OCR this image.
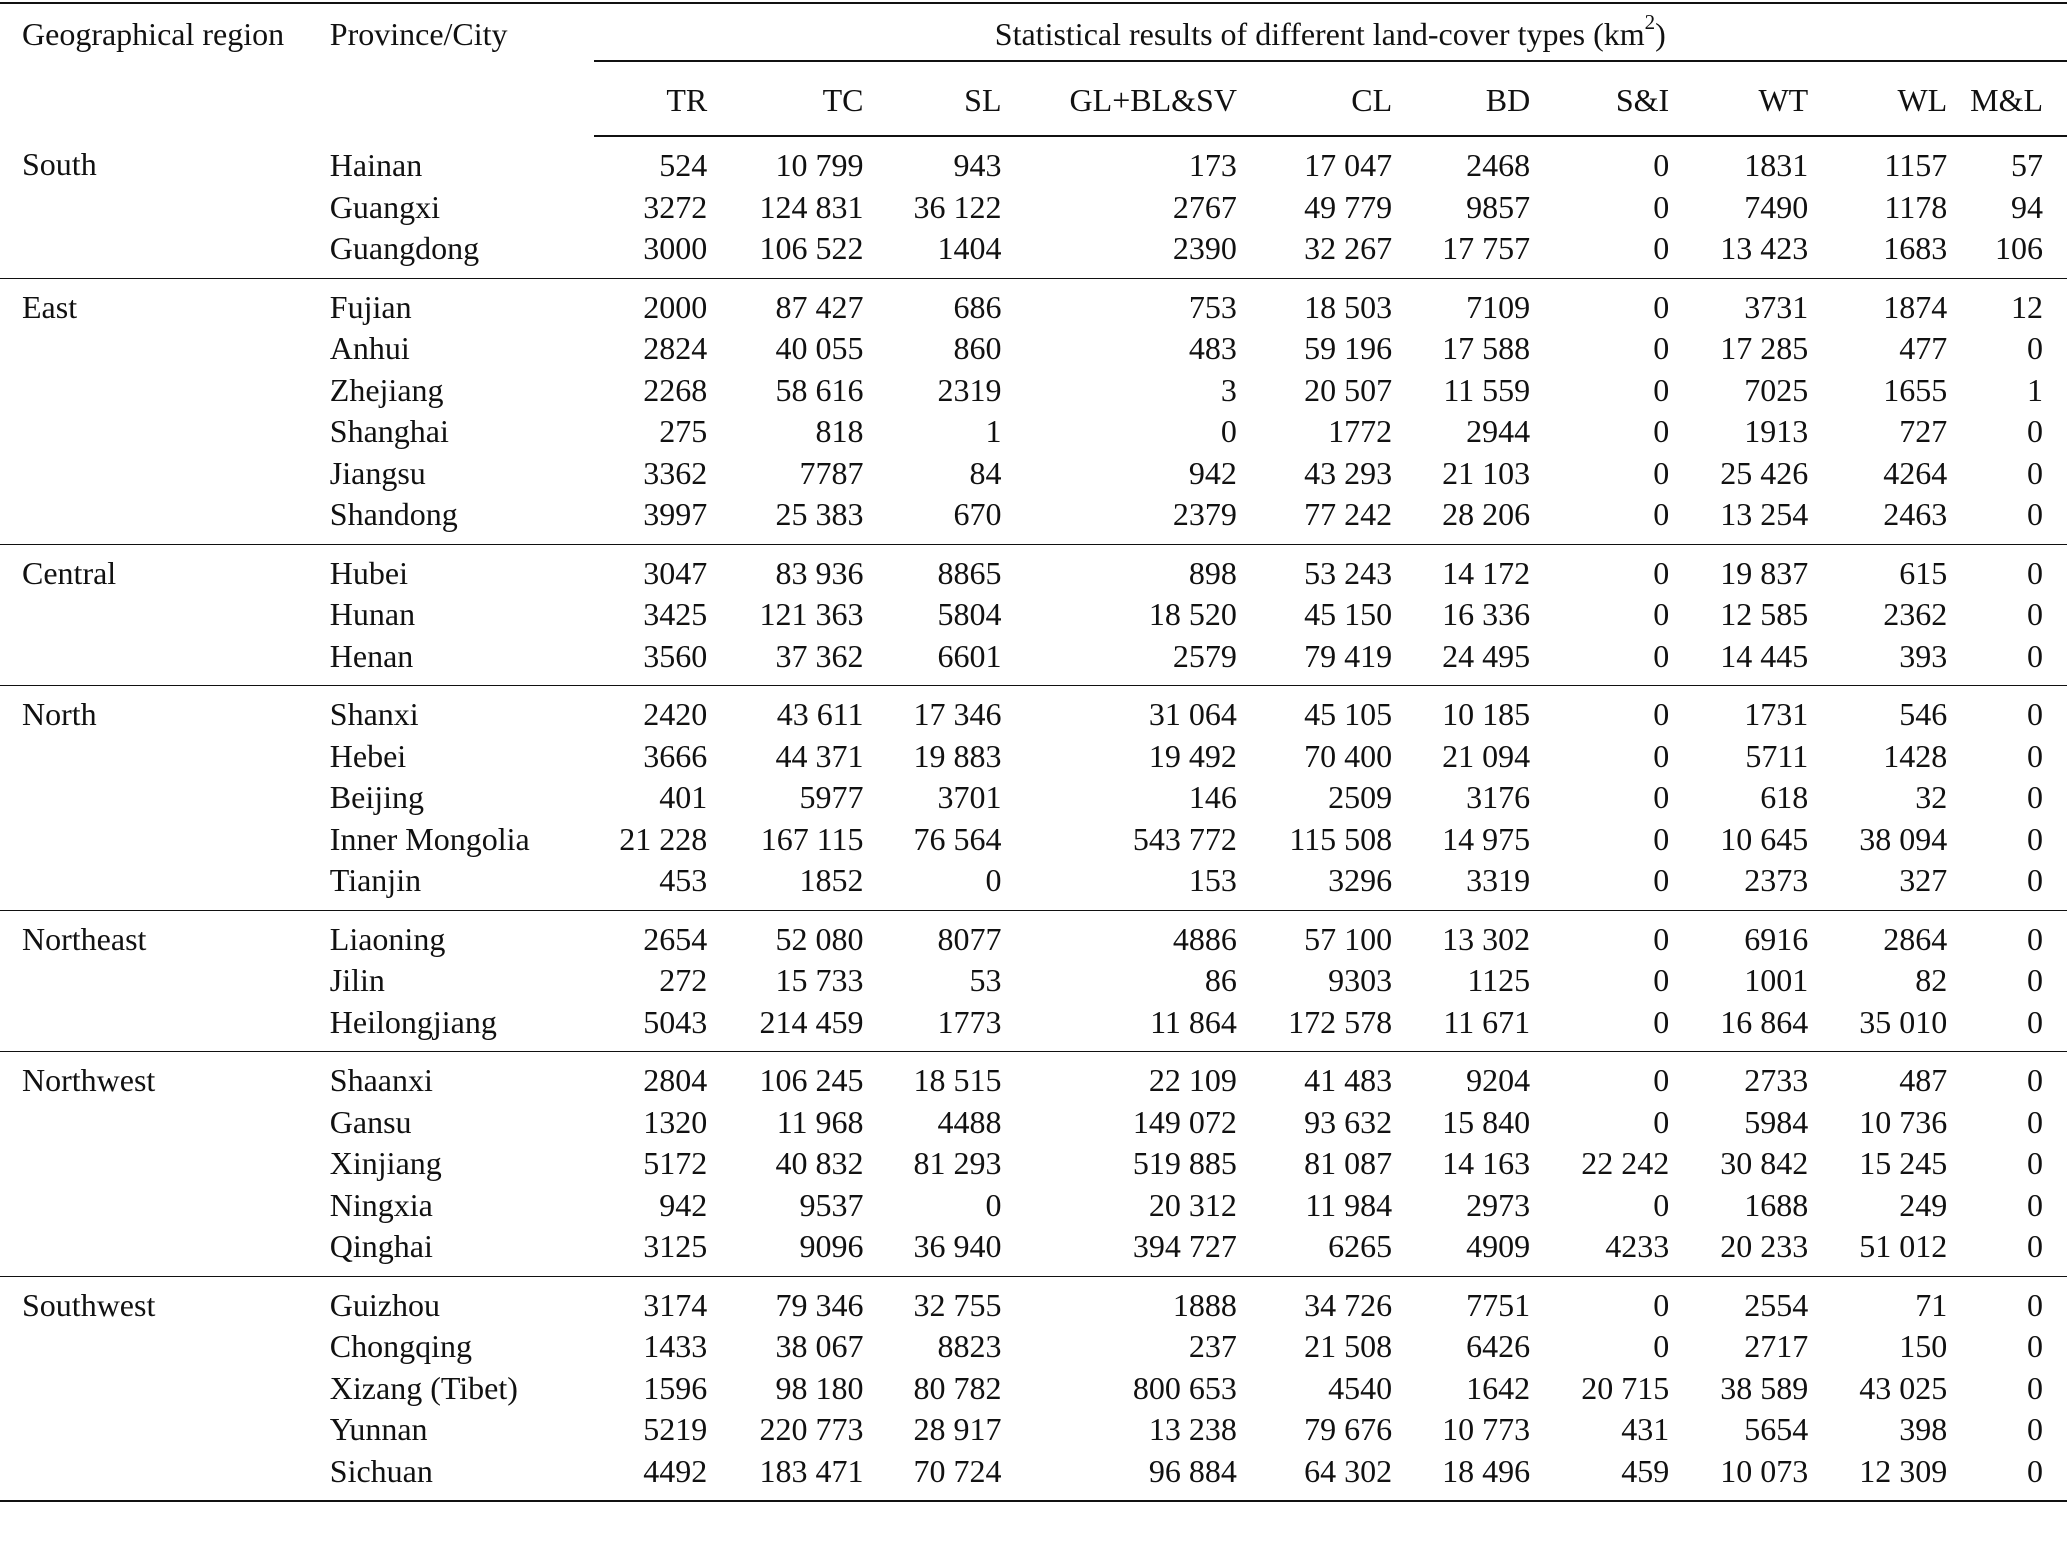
Geographical region	Province/City	Statistical results of different land-cover types $(km^2)$									

		TR	TC	SL	GL+BL&SV	CL	BD	S&I	WT	WL	M&L
South	Hainan	524	10 799	943	173	17 047	2468	0	1831	1157	57
	Guangxi	3272	124 831	36 122	2767	49 779	9857	0	7490	1178	94
	Guangdong	3000	106 522	1404	2390	32 267	17 757	0	13 423	1683	106
East	Fujian	2000	87 427	686	753	18 503	7109	0	3731	1874	12
	Anhui	2824	40 055	860	483	59 196	17 588	0	17 285	477	0
	Zhejiang	2268	58 616	2319	3	20 507	11 559	0	7025	1655	1
	Shanghai	275	818	1	0	1772	2944	0	1913	727	0
	Jiangsu	3362	7787	84	942	43 293	21 103	0	25 426	4264	0
	Shandong	3997	25 383	670	2379	77 242	28 206	0	13 254	2463	0
Central	Hubei	3047	83 936	8865	898	53 243	14 172	0	19 837	615	0
	Hunan	3425	121 363	5804	18 520	45 150	16 336	0	12 585	2362	0
	Henan	3560	37 362	6601	2579	79 419	24 495	0	14 445	393	0
North	Shanxi	2420	43 611	17 346	31 064	45 105	10 185	0	1731	546	0
	Hebei	3666	44 371	19 883	19 492	70 400	21 094	0	5711	1428	0
	Beijing	401	5977	3701	146	2509	3176	0	618	32	0
	Inner Mongolia	21 228	167 115	76 564	543 772	115 508	14 975	0	10 645	38 094	0
	Tianjin	453	1852	0	153	3296	3319	0	2373	327	0
Northeast	Liaoning	2654	52 080	8077	4886	57 100	13 302	0	6916	2864	0
	Jilin	272	15 733	53	86	9303	1125	0	1001	82	0
	Heilongjiang	5043	214 459	1773	11 864	172 578	11 671	0	16 864	35 010	0
Northwest	Shaanxi	2804	106 245	18 515	22 109	41 483	9204	0	2733	487	0
	Gansu	1320	11 968	4488	149 072	93 632	15 840	0	5984	10 736	0
	Xinjiang	5172	40 832	81 293	519 885	81 087	14 163	22 242	30 842	15 245	0
	Ningxia	942	9537	0	20 312	11 984	2973	0	1688	249	0
	Qinghai	3125	9096	36 940	394 727	6265	4909	4233	20 233	51 012	0
Southwest	Guizhou	3174	79 346	32 755	1888	34 726	7751	0	2554	71	0
	Chongqing	1433	38 067	8823	237	21 508	6426	0	2717	150	0
	Xizang (Tibet)	1596	98 180	80 782	800 653	4540	1642	20 715	38 589	43 025	0
	Yunnan	5219	220 773	28 917	13 238	79 676	10 773	431	5654	398	0
	Sichuan	4492	183 471	70 724	96 884	64 302	18 496	459	10 073	12 309	0
